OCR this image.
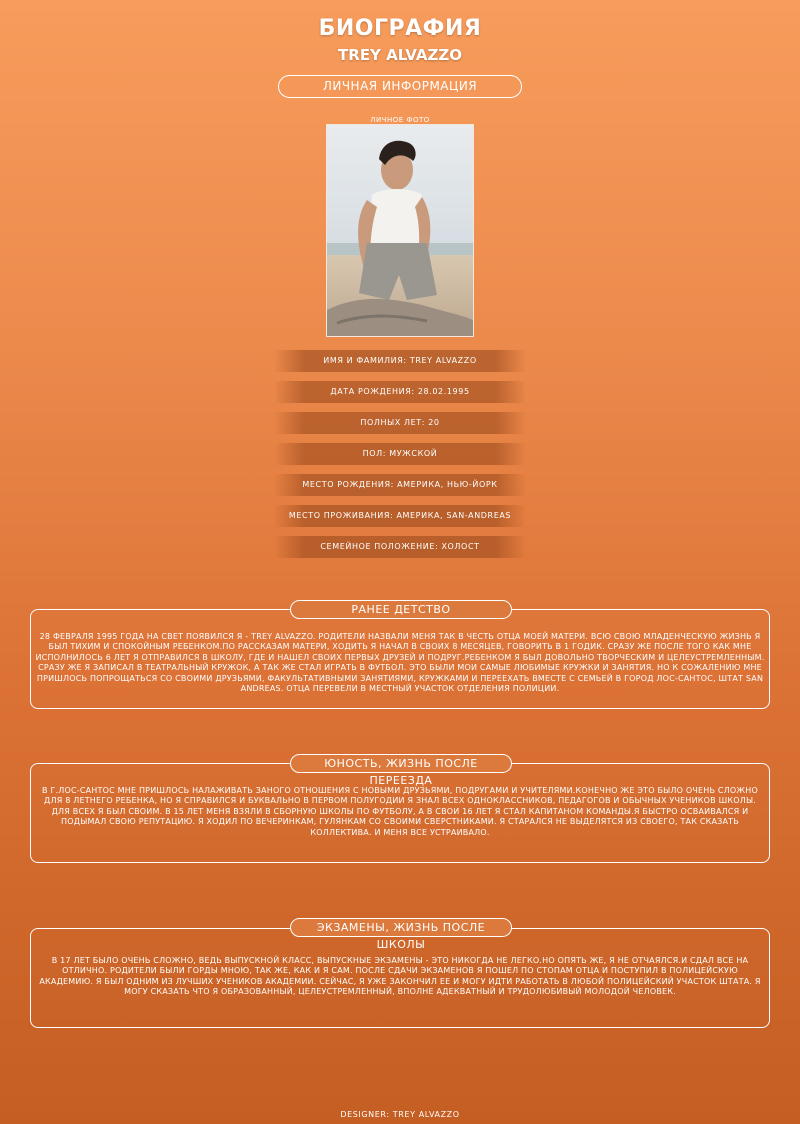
БИОГРАФИЯ
TREY ALVAZZO
ЛИЧНАЯ ИНФОРМАЦИЯ
ЛИЧНОЕ ФОТО
ИМЯ И ФАМИЛИЯ: TREY ALVAZZO
ДАТА РОЖДЕНИЯ: 28.02.1995
ПОЛНЫХ ЛЕТ: 20
ПОЛ: МУЖСКОЙ
МЕСТО РОЖДЕНИЯ: АМЕРИКА, НЬЮ-ЙОРК
МЕСТО ПРОЖИВАНИЯ: АМЕРИКА, SAN-ANDREAS
СЕМЕЙНОЕ ПОЛОЖЕНИЕ: ХОЛОСТ
РАНЕЕ ДЕТСТВО
28 ФЕВРАЛЯ 1995 ГОДА НА СВЕТ ПОЯВИЛСЯ Я - TREY ALVAZZO. РОДИТЕЛИ НАЗВАЛИ МЕНЯ ТАК В ЧЕСТЬ ОТЦА МОЕЙ МАТЕРИ. ВСЮ СВОЮ МЛАДЕНЧЕСКУЮ ЖИЗНЬ Я БЫЛ ТИХИМ И СПОКОЙНЫМ РЕБЕНКОМ.ПО РАССКАЗАМ МАТЕРИ, ХОДИТЬ Я НАЧАЛ В СВОИХ 8 МЕСЯЦЕВ, ГОВОРИТЬ В 1 ГОДИК. СРАЗУ ЖЕ ПОСЛЕ ТОГО КАК МНЕ ИСПОЛНИЛОСЬ 6 ЛЕТ Я ОТПРАВИЛСЯ В ШКОЛУ, ГДЕ И НАШЕЛ СВОИХ ПЕРВЫХ ДРУЗЕЙ И ПОДРУГ.РЕБЕНКОМ Я БЫЛ ДОВОЛЬНО ТВОРЧЕСКИМ И ЦЕЛЕУСТРЕМЛЕННЫМ. СРАЗУ ЖЕ Я ЗАПИСАЛ В ТЕАТРАЛЬНЫЙ КРУЖОК, А ТАК ЖЕ СТАЛ ИГРАТЬ В ФУТБОЛ. ЭТО БЫЛИ МОИ САМЫЕ ЛЮБИМЫЕ КРУЖКИ И ЗАНЯТИЯ. НО К СОЖАЛЕНИЮ МНЕ ПРИШЛОСЬ ПОПРОЩАТЬСЯ СО СВОИМИ ДРУЗЬЯМИ, ФАКУЛЬТАТИВНЫМИ ЗАНЯТИЯМИ, КРУЖКАМИ И ПЕРЕЕХАТЬ ВМЕСТЕ С СЕМЬЕЙ В ГОРОД ЛОС-САНТОС, ШТАТ SAN ANDREAS. ОТЦА ПЕРЕВЕЛИ В МЕСТНЫЙ УЧАСТОК ОТДЕЛЕНИЯ ПОЛИЦИИ.
ЮНОСТЬ, ЖИЗНЬ ПОСЛЕ ПЕРЕЕЗДА
В Г.ЛОС-САНТОС МНЕ ПРИШЛОСЬ НАЛАЖИВАТЬ ЗАНОГО ОТНОШЕНИЯ С НОВЫМИ ДРУЗЬЯМИ, ПОДРУГАМИ И УЧИТЕЛЯМИ.КОНЕЧНО ЖЕ ЭТО БЫЛО ОЧЕНЬ СЛОЖНО ДЛЯ 8 ЛЕТНЕГО РЕБЕНКА, НО Я СПРАВИЛСЯ И БУКВАЛЬНО В ПЕРВОМ ПОЛУГОДИИ Я ЗНАЛ ВСЕХ ОДНОКЛАССНИКОВ, ПЕДАГОГОВ И ОБЫЧНЫХ УЧЕНИКОВ ШКОЛЫ. ДЛЯ ВСЕХ Я БЫЛ СВОИМ. В 15 ЛЕТ МЕНЯ ВЗЯЛИ В СБОРНУЮ ШКОЛЫ ПО ФУТБОЛУ, А В СВОИ 16 ЛЕТ Я СТАЛ КАПИТАНОМ КОМАНДЫ.Я БЫСТРО ОСВАИВАЛСЯ И ПОДЫМАЛ СВОЮ РЕПУТАЦИЮ. Я ХОДИЛ ПО ВЕЧЕРИНКАМ, ГУЛЯНКАМ СО СВОИМИ СВЕРСТНИКАМИ. Я СТАРАЛСЯ НЕ ВЫДЕЛЯТСЯ ИЗ СВОЕГО, ТАК СКАЗАТЬ КОЛЛЕКТИВА. И МЕНЯ ВСЕ УСТРАИВАЛО.
ЭКЗАМЕНЫ, ЖИЗНЬ ПОСЛЕ ШКОЛЫ
В 17 ЛЕТ БЫЛО ОЧЕНЬ СЛОЖНО, ВЕДЬ ВЫПУСКНОЙ КЛАСС, ВЫПУСКНЫЕ ЭКЗАМЕНЫ - ЭТО НИКОГДА НЕ ЛЕГКО.НО ОПЯТЬ ЖЕ, Я НЕ ОТЧАЯЛСЯ.И СДАЛ ВСЕ НА ОТЛИЧНО. РОДИТЕЛИ БЫЛИ ГОРДЫ МНОЮ, ТАК ЖЕ, КАК И Я САМ. ПОСЛЕ СДАЧИ ЭКЗАМЕНОВ Я ПОШЕЛ ПО СТОПАМ ОТЦА И ПОСТУПИЛ В ПОЛИЦЕЙСКУЮ АКАДЕМИЮ. Я БЫЛ ОДНИМ ИЗ ЛУЧШИХ УЧЕНИКОВ АКАДЕМИИ. СЕЙЧАС, Я УЖЕ ЗАКОНЧИЛ ЕЕ И МОГУ ИДТИ РАБОТАТЬ В ЛЮБОЙ ПОЛИЦЕЙСКИЙ УЧАСТОК ШТАТА. Я МОГУ СКАЗАТЬ ЧТО Я ОБРАЗОВАННЫЙ, ЦЕЛЕУСТРЕМЛЕННЫЙ, ВПОЛНЕ АДЕКВАТНЫЙ И ТРУДОЛЮБИВЫЙ МОЛОДОЙ ЧЕЛОВЕК.
DESIGNER: TREY ALVAZZO
